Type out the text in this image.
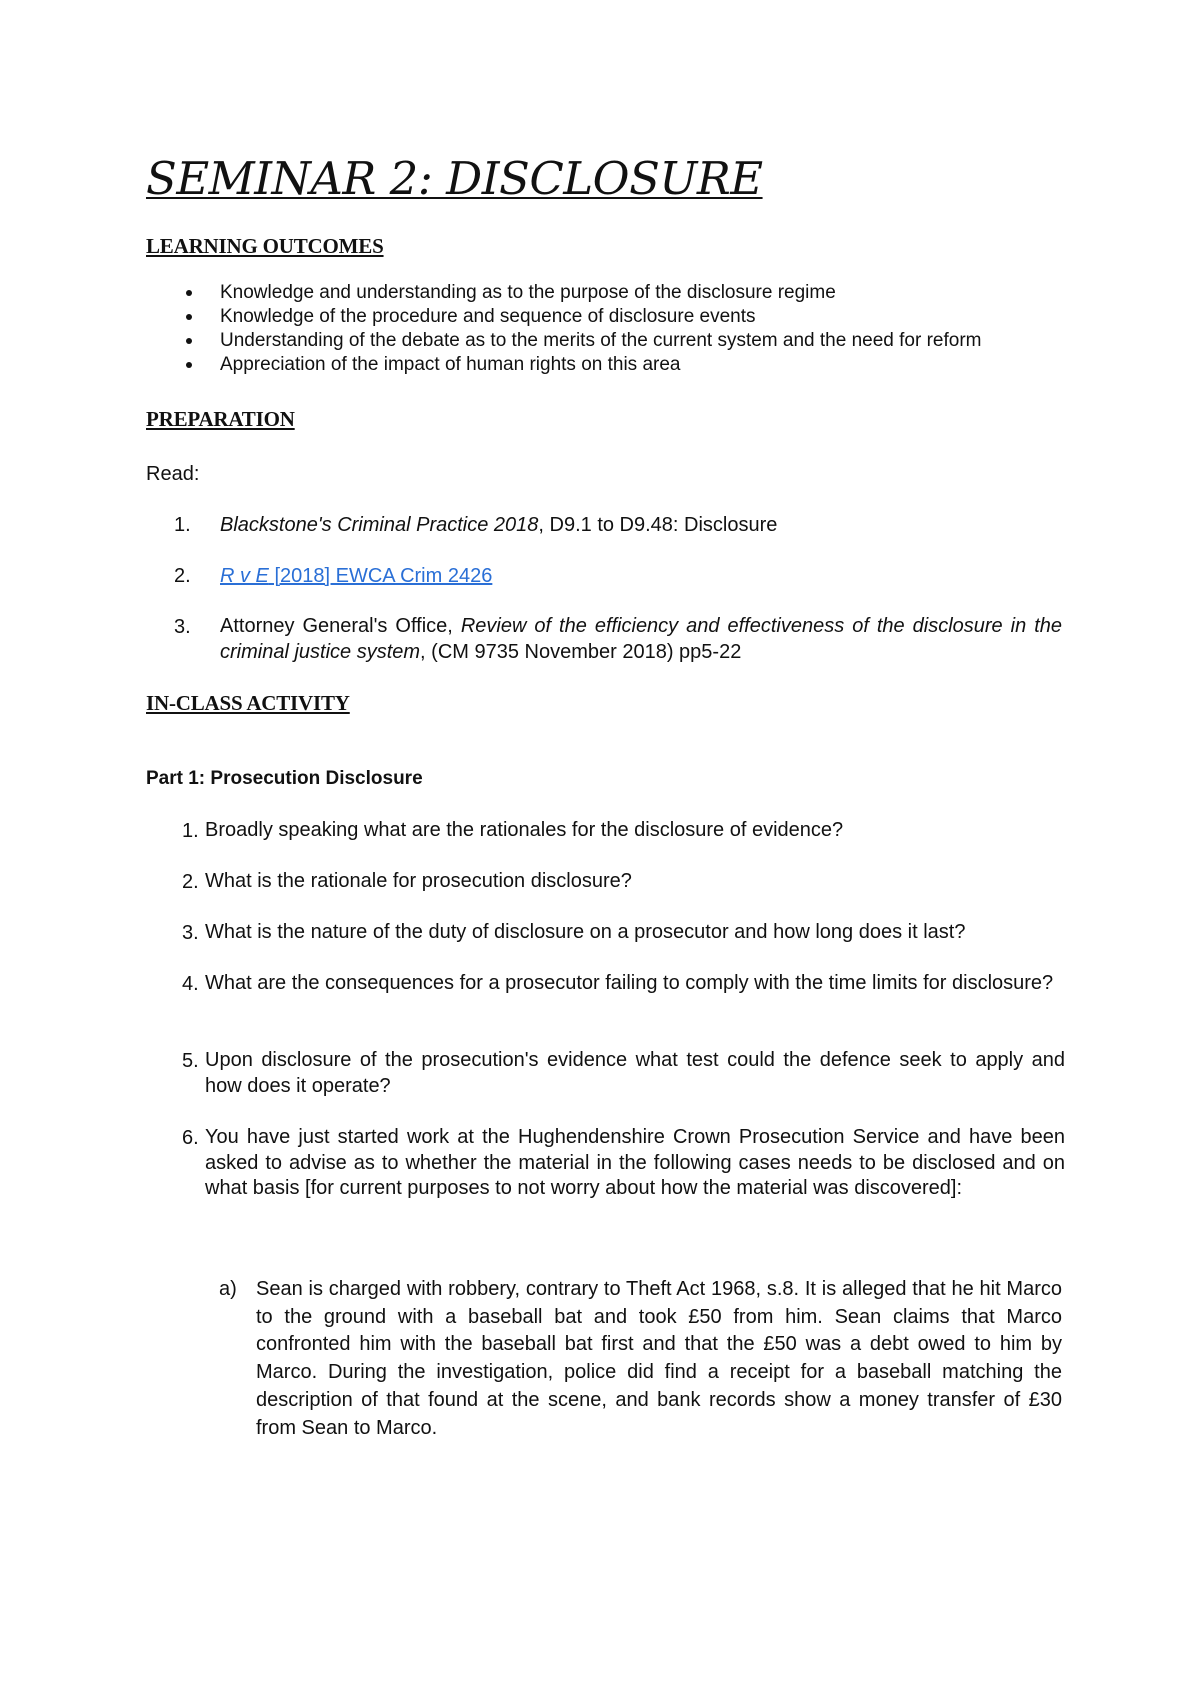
SEMINAR 2: DISCLOSURE
LEARNING OUTCOMES
Knowledge and understanding as to the purpose of the disclosure regime
Knowledge of the procedure and sequence of disclosure events
Understanding of the debate as to the merits of the current system and the need for reform
Appreciation of the impact of human rights on this area
PREPARATION
Read:
1.	Blackstone's Criminal Practice 2018, D9.1 to D9.48: Disclosure
2.	R v E [2018] EWCA Crim 2426
3.	Attorney General's Office, Review of the efficiency and effectiveness of the disclosure in the criminal justice system, (CM 9735 November 2018) pp5-22
IN-CLASS ACTIVITY
Part 1: Prosecution Disclosure
1. Broadly speaking what are the rationales for the disclosure of evidence?
2. What is the rationale for prosecution disclosure?
3. What is the nature of the duty of disclosure on a prosecutor and how long does it last?
4. What are the consequences for a prosecutor failing to comply with the time limits for disclosure?
5. Upon disclosure of the prosecution's evidence what test could the defence seek to apply and how does it operate?
6. You have just started work at the Hughendenshire Crown Prosecution Service and have been asked to advise as to whether the material in the following cases needs to be disclosed and on what basis [for current purposes to not worry about how the material was discovered]:
a) Sean is charged with robbery, contrary to Theft Act 1968, s.8. It is alleged that he hit Marco to the ground with a baseball bat and took £50 from him. Sean claims that Marco confronted him with the baseball bat first and that the £50 was a debt owed to him by Marco. During the investigation, police did find a receipt for a baseball matching the description of that found at the scene, and bank records show a money transfer of £30 from Sean to Marco.
